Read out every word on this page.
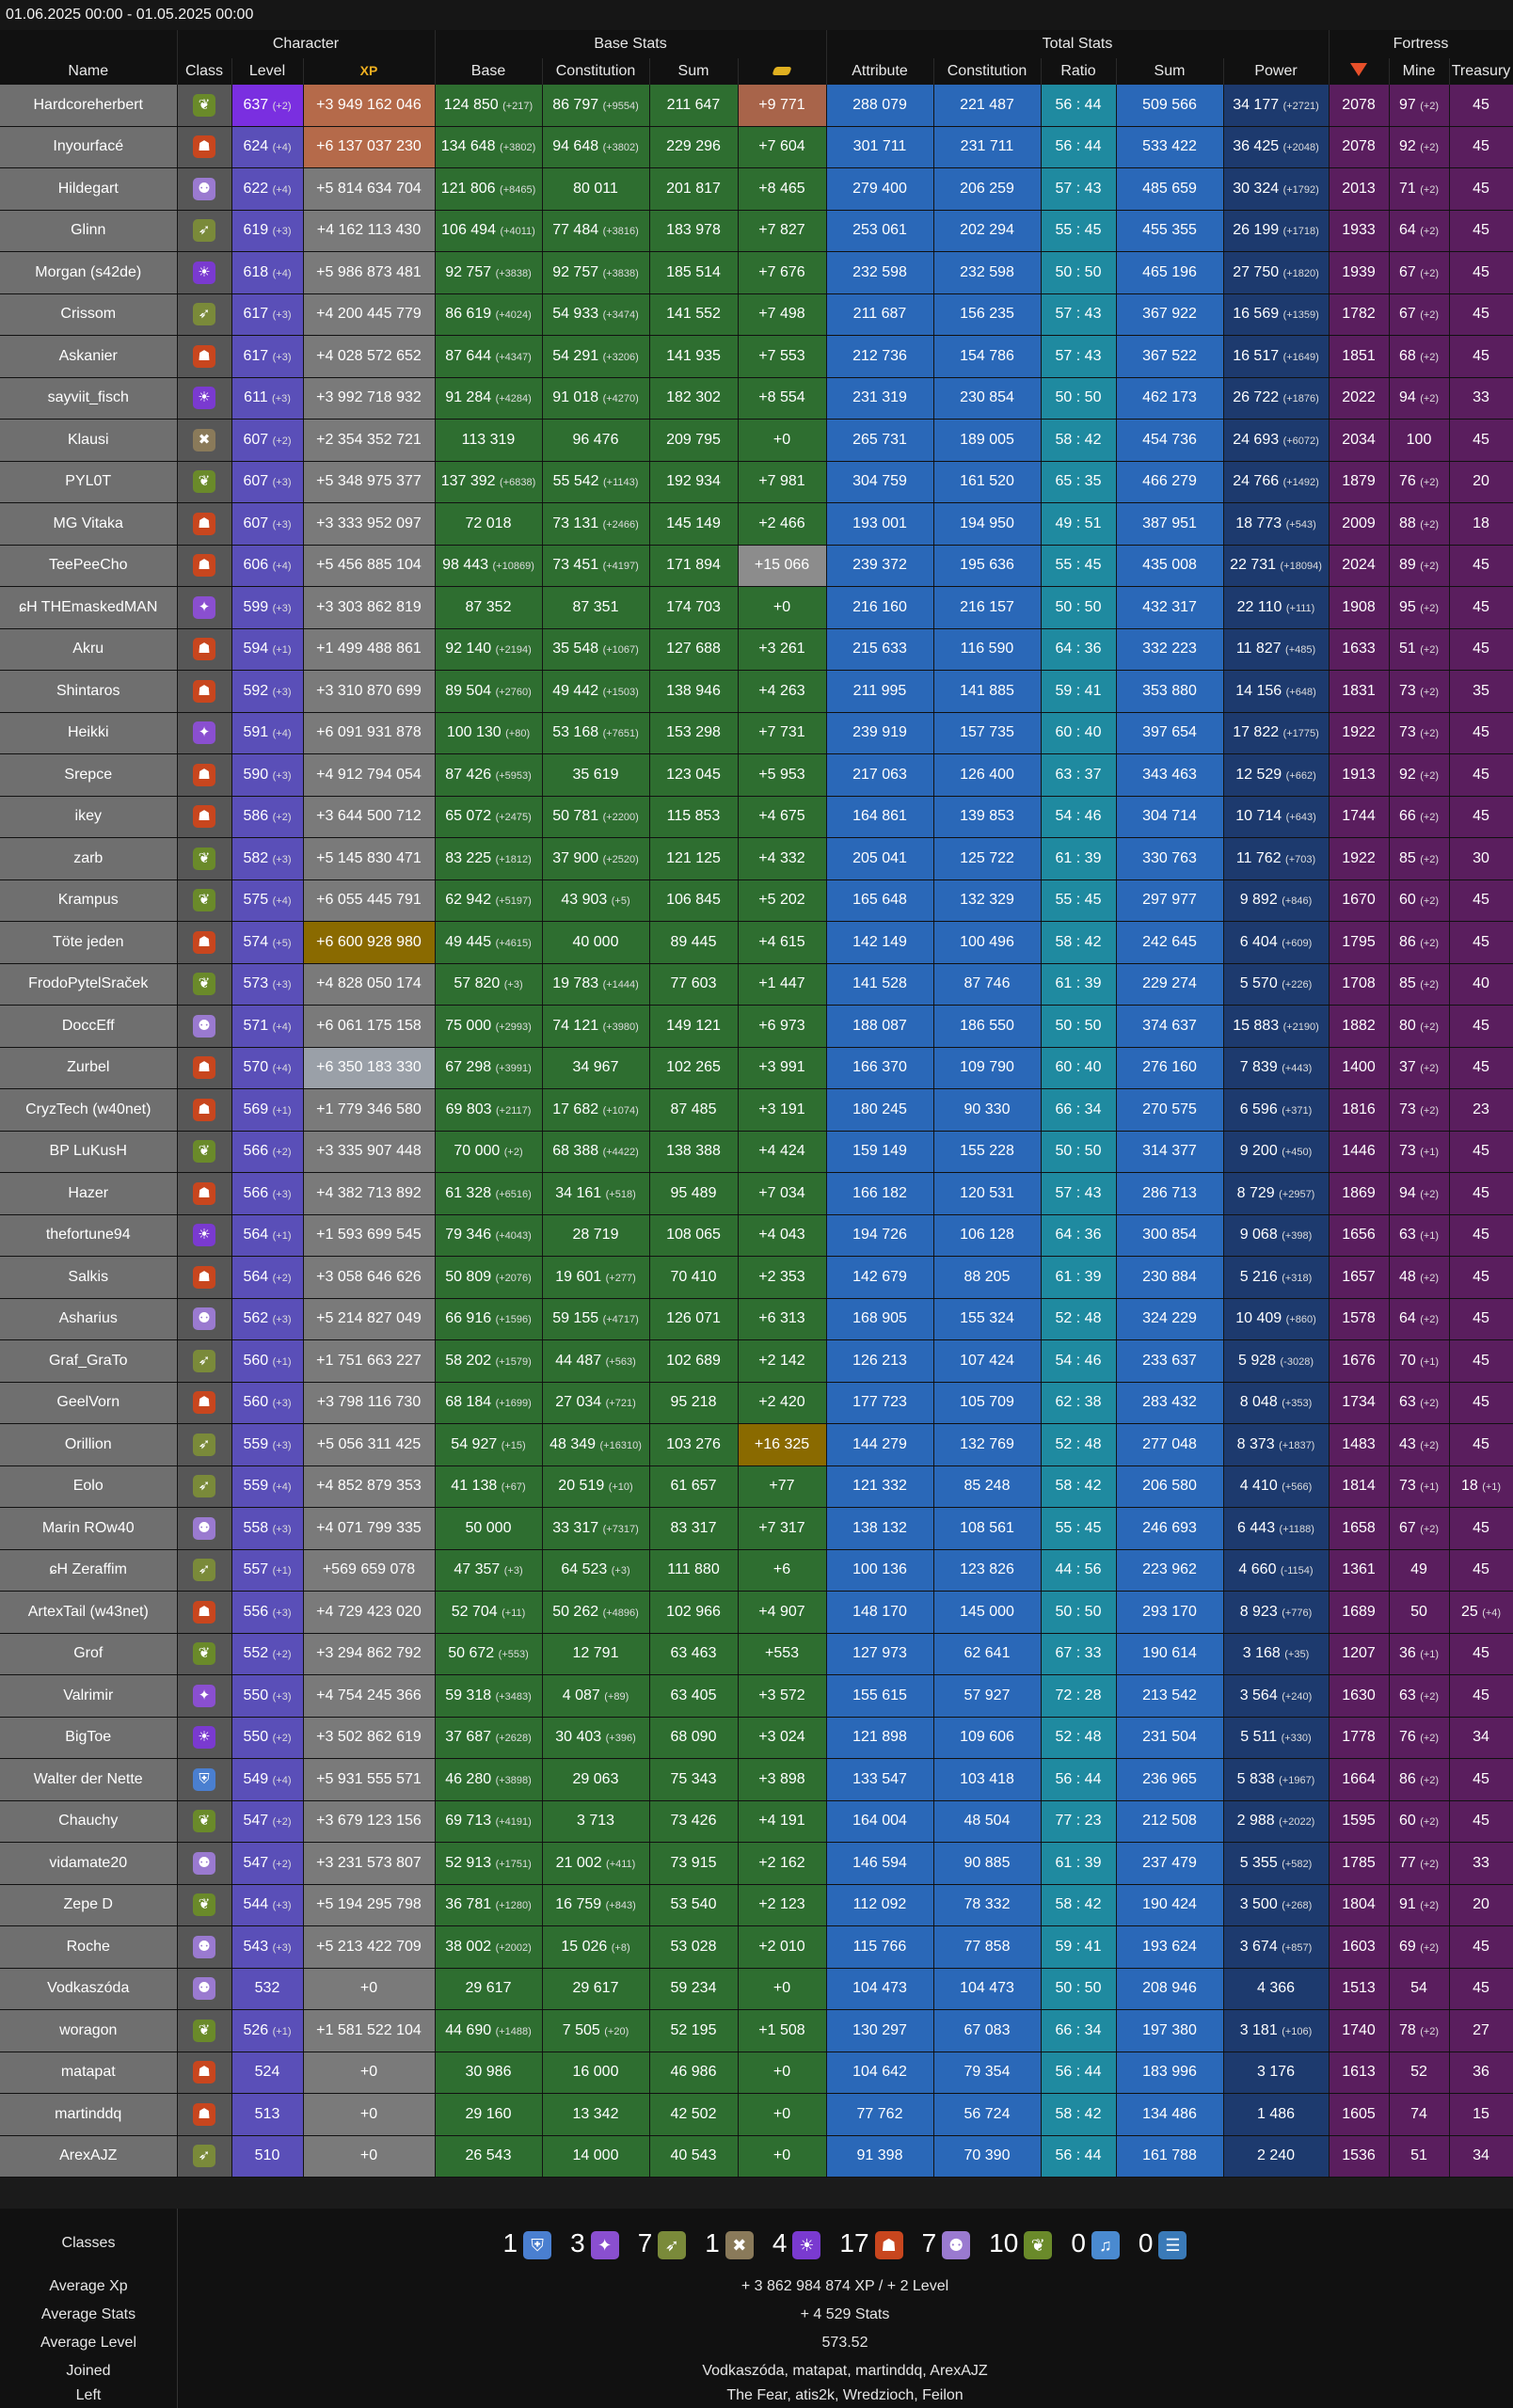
01.06.2025 00:00 - 01.05.2025 00:00
	Character			Base Stats				Total Stats					Fortress		
Name	Class	Level	XP	Base	Constitution	Sum		Attribute	Constitution	Ratio	Sum	Power		Mine	Treasury
Hardcoreherbert	❦	637 (+2)	+3 949 162 046	124 850 (+217)	86 797 (+9554)	211 647	+9 771	288 079	221 487	56 : 44	509 566	34 177 (+2721)	2078	97 (+2)	45
Inyourfacé	☗	624 (+4)	+6 137 037 230	134 648 (+3802)	94 648 (+3802)	229 296	+7 604	301 711	231 711	56 : 44	533 422	36 425 (+2048)	2078	92 (+2)	45
Hildegart	⚉	622 (+4)	+5 814 634 704	121 806 (+8465)	80 011	201 817	+8 465	279 400	206 259	57 : 43	485 659	30 324 (+1792)	2013	71 (+2)	45
Glinn	➶	619 (+3)	+4 162 113 430	106 494 (+4011)	77 484 (+3816)	183 978	+7 827	253 061	202 294	55 : 45	455 355	26 199 (+1718)	1933	64 (+2)	45
Morgan (s42de)	☀	618 (+4)	+5 986 873 481	92 757 (+3838)	92 757 (+3838)	185 514	+7 676	232 598	232 598	50 : 50	465 196	27 750 (+1820)	1939	67 (+2)	45
Crissom	➶	617 (+3)	+4 200 445 779	86 619 (+4024)	54 933 (+3474)	141 552	+7 498	211 687	156 235	57 : 43	367 922	16 569 (+1359)	1782	67 (+2)	45
Askanier	☗	617 (+3)	+4 028 572 652	87 644 (+4347)	54 291 (+3206)	141 935	+7 553	212 736	154 786	57 : 43	367 522	16 517 (+1649)	1851	68 (+2)	45
sayviit_fisch	☀	611 (+3)	+3 992 718 932	91 284 (+4284)	91 018 (+4270)	182 302	+8 554	231 319	230 854	50 : 50	462 173	26 722 (+1876)	2022	94 (+2)	33
Klausi	✖	607 (+2)	+2 354 352 721	113 319	96 476	209 795	+0	265 731	189 005	58 : 42	454 736	24 693 (+6072)	2034	100	45
PYL0T	❦	607 (+3)	+5 348 975 377	137 392 (+6838)	55 542 (+1143)	192 934	+7 981	304 759	161 520	65 : 35	466 279	24 766 (+1492)	1879	76 (+2)	20
MG Vitaka	☗	607 (+3)	+3 333 952 097	72 018	73 131 (+2466)	145 149	+2 466	193 001	194 950	49 : 51	387 951	18 773 (+543)	2009	88 (+2)	18
TeePeeCho	☗	606 (+4)	+5 456 885 104	98 443 (+10869)	73 451 (+4197)	171 894	+15 066	239 372	195 636	55 : 45	435 008	22 731 (+18094)	2024	89 (+2)	45
ɕH THEmaskedMAN	✦	599 (+3)	+3 303 862 819	87 352	87 351	174 703	+0	216 160	216 157	50 : 50	432 317	22 110 (+111)	1908	95 (+2)	45
Akru	☗	594 (+1)	+1 499 488 861	92 140 (+2194)	35 548 (+1067)	127 688	+3 261	215 633	116 590	64 : 36	332 223	11 827 (+485)	1633	51 (+2)	45
Shintaros	☗	592 (+3)	+3 310 870 699	89 504 (+2760)	49 442 (+1503)	138 946	+4 263	211 995	141 885	59 : 41	353 880	14 156 (+648)	1831	73 (+2)	35
Heikki	✦	591 (+4)	+6 091 931 878	100 130 (+80)	53 168 (+7651)	153 298	+7 731	239 919	157 735	60 : 40	397 654	17 822 (+1775)	1922	73 (+2)	45
Srepce	☗	590 (+3)	+4 912 794 054	87 426 (+5953)	35 619	123 045	+5 953	217 063	126 400	63 : 37	343 463	12 529 (+662)	1913	92 (+2)	45
ikey	☗	586 (+2)	+3 644 500 712	65 072 (+2475)	50 781 (+2200)	115 853	+4 675	164 861	139 853	54 : 46	304 714	10 714 (+643)	1744	66 (+2)	45
zarb	❦	582 (+3)	+5 145 830 471	83 225 (+1812)	37 900 (+2520)	121 125	+4 332	205 041	125 722	61 : 39	330 763	11 762 (+703)	1922	85 (+2)	30
Krampus	❦	575 (+4)	+6 055 445 791	62 942 (+5197)	43 903 (+5)	106 845	+5 202	165 648	132 329	55 : 45	297 977	9 892 (+846)	1670	60 (+2)	45
Töte jeden	☗	574 (+5)	+6 600 928 980	49 445 (+4615)	40 000	89 445	+4 615	142 149	100 496	58 : 42	242 645	6 404 (+609)	1795	86 (+2)	45
FrodoPytelSraček	❦	573 (+3)	+4 828 050 174	57 820 (+3)	19 783 (+1444)	77 603	+1 447	141 528	87 746	61 : 39	229 274	5 570 (+226)	1708	85 (+2)	40
DoccEff	⚉	571 (+4)	+6 061 175 158	75 000 (+2993)	74 121 (+3980)	149 121	+6 973	188 087	186 550	50 : 50	374 637	15 883 (+2190)	1882	80 (+2)	45
Zurbel	☗	570 (+4)	+6 350 183 330	67 298 (+3991)	34 967	102 265	+3 991	166 370	109 790	60 : 40	276 160	7 839 (+443)	1400	37 (+2)	45
CryzTech (w40net)	☗	569 (+1)	+1 779 346 580	69 803 (+2117)	17 682 (+1074)	87 485	+3 191	180 245	90 330	66 : 34	270 575	6 596 (+371)	1816	73 (+2)	23
BP LuKusH	❦	566 (+2)	+3 335 907 448	70 000 (+2)	68 388 (+4422)	138 388	+4 424	159 149	155 228	50 : 50	314 377	9 200 (+450)	1446	73 (+1)	45
Hazer	☗	566 (+3)	+4 382 713 892	61 328 (+6516)	34 161 (+518)	95 489	+7 034	166 182	120 531	57 : 43	286 713	8 729 (+2957)	1869	94 (+2)	45
thefortune94	☀	564 (+1)	+1 593 699 545	79 346 (+4043)	28 719	108 065	+4 043	194 726	106 128	64 : 36	300 854	9 068 (+398)	1656	63 (+1)	45
Salkis	☗	564 (+2)	+3 058 646 626	50 809 (+2076)	19 601 (+277)	70 410	+2 353	142 679	88 205	61 : 39	230 884	5 216 (+318)	1657	48 (+2)	45
Asharius	⚉	562 (+3)	+5 214 827 049	66 916 (+1596)	59 155 (+4717)	126 071	+6 313	168 905	155 324	52 : 48	324 229	10 409 (+860)	1578	64 (+2)	45
Graf_GraTo	➶	560 (+1)	+1 751 663 227	58 202 (+1579)	44 487 (+563)	102 689	+2 142	126 213	107 424	54 : 46	233 637	5 928 (-3028)	1676	70 (+1)	45
GeelVorn	☗	560 (+3)	+3 798 116 730	68 184 (+1699)	27 034 (+721)	95 218	+2 420	177 723	105 709	62 : 38	283 432	8 048 (+353)	1734	63 (+2)	45
Orillion	➶	559 (+3)	+5 056 311 425	54 927 (+15)	48 349 (+16310)	103 276	+16 325	144 279	132 769	52 : 48	277 048	8 373 (+1837)	1483	43 (+2)	45
Eolo	➶	559 (+4)	+4 852 879 353	41 138 (+67)	20 519 (+10)	61 657	+77	121 332	85 248	58 : 42	206 580	4 410 (+566)	1814	73 (+1)	18 (+1)
Marin ROw40	⚉	558 (+3)	+4 071 799 335	50 000	33 317 (+7317)	83 317	+7 317	138 132	108 561	55 : 45	246 693	6 443 (+1188)	1658	67 (+2)	45
ɕH Zeraffim	➶	557 (+1)	+569 659 078	47 357 (+3)	64 523 (+3)	111 880	+6	100 136	123 826	44 : 56	223 962	4 660 (-1154)	1361	49	45
ArtexTail (w43net)	☗	556 (+3)	+4 729 423 020	52 704 (+11)	50 262 (+4896)	102 966	+4 907	148 170	145 000	50 : 50	293 170	8 923 (+776)	1689	50	25 (+4)
Grof	❦	552 (+2)	+3 294 862 792	50 672 (+553)	12 791	63 463	+553	127 973	62 641	67 : 33	190 614	3 168 (+35)	1207	36 (+1)	45
Valrimir	✦	550 (+3)	+4 754 245 366	59 318 (+3483)	4 087 (+89)	63 405	+3 572	155 615	57 927	72 : 28	213 542	3 564 (+240)	1630	63 (+2)	45
BigToe	☀	550 (+2)	+3 502 862 619	37 687 (+2628)	30 403 (+396)	68 090	+3 024	121 898	109 606	52 : 48	231 504	5 511 (+330)	1778	76 (+2)	34
Walter der Nette	⛨	549 (+4)	+5 931 555 571	46 280 (+3898)	29 063	75 343	+3 898	133 547	103 418	56 : 44	236 965	5 838 (+1967)	1664	86 (+2)	45
Chauchy	❦	547 (+2)	+3 679 123 156	69 713 (+4191)	3 713	73 426	+4 191	164 004	48 504	77 : 23	212 508	2 988 (+2022)	1595	60 (+2)	45
vidamate20	⚉	547 (+2)	+3 231 573 807	52 913 (+1751)	21 002 (+411)	73 915	+2 162	146 594	90 885	61 : 39	237 479	5 355 (+582)	1785	77 (+2)	33
Zepe D	❦	544 (+3)	+5 194 295 798	36 781 (+1280)	16 759 (+843)	53 540	+2 123	112 092	78 332	58 : 42	190 424	3 500 (+268)	1804	91 (+2)	20
Roche	⚉	543 (+3)	+5 213 422 709	38 002 (+2002)	15 026 (+8)	53 028	+2 010	115 766	77 858	59 : 41	193 624	3 674 (+857)	1603	69 (+2)	45
Vodkaszóda	⚉	532	+0	29 617	29 617	59 234	+0	104 473	104 473	50 : 50	208 946	4 366	1513	54	45
woragon	❦	526 (+1)	+1 581 522 104	44 690 (+1488)	7 505 (+20)	52 195	+1 508	130 297	67 083	66 : 34	197 380	3 181 (+106)	1740	78 (+2)	27
matapat	☗	524	+0	30 986	16 000	46 986	+0	104 642	79 354	56 : 44	183 996	3 176	1613	52	36
martinddq	☗	513	+0	29 160	13 342	42 502	+0	77 762	56 724	58 : 42	134 486	1 486	1605	74	15
ArexAJZ	➶	510	+0	26 543	14 000	40 543	+0	91 398	70 390	56 : 44	161 788	2 240	1536	51	34
Classes	1 ⛨ 3 ✦ 7 ➶ 1 ✖ 4 ☀ 17 ☗ 7 ⚉ 10 ❦ 0 ♫ 0 ☰
Average Xp	+ 3 862 984 874 XP / + 2 Level
Average Stats	+ 4 529 Stats
Average Level	573.52
Joined	Vodkaszóda, matapat, martinddq, ArexAJZ
Left	The Fear, atis2k, Wredzioch, Feilon
